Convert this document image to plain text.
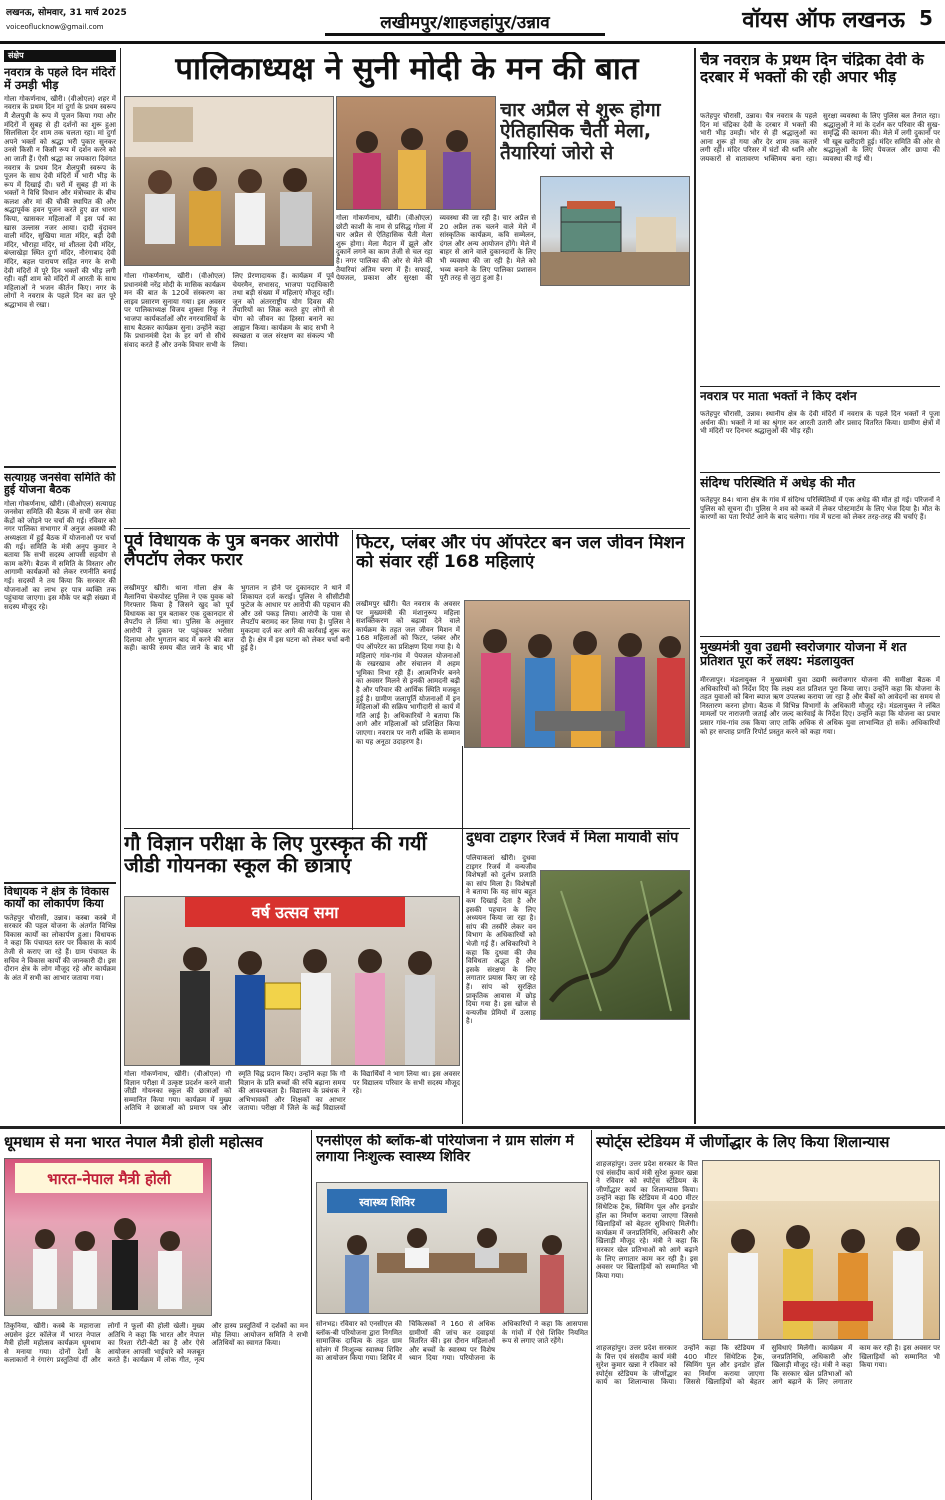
लखनऊ, सोमवार, 31 मार्च 2025
voiceoflucknow@gmail.com	लखीमपुर/शाहजहांपुर/उन्नाव	वॉयस ऑफ लखनऊ 5
संक्षेप
नवरात्र के पहले दिन मंदिरों में उमड़ी भीड़
गोला गोकर्णनाथ, खीरी। (वीओएल) शहर में नवरात्र के प्रथम दिन मां दुर्गा के प्रथम स्वरूप मैं शैलपुत्री के रूप में पूजन किया गया और मंदिरों में सुबह से ही दर्शनों का शुरू हुआ सिलसिला देर शाम तक चलता रहा। मां दुर्गा अपने भक्तों को श्रद्धा भरी पुकार सुनकर उनसे किसी न किसी रूप में दर्शन करने को आ जाती हैं। ऐसी श्रद्धा का जयकारा दिवंगत नवरात्र के प्रथम दिन शैलपुत्री स्वरूप के पूजन के साथ देवी मंदिरों में भारी भीड़ के रूप में दिखाई दी। घरों में सुबह ही मां के भक्तों ने विधि विधान और मंत्रोच्चार के बीच कलश और मां की चौकी स्थापित की और श्रद्धापूर्वक हवन पूजन करते हुए व्रत धारण किया, खासकर महिलाओं में इस पर्व का खास उल्लास नजर आया। दादी वृंदावन वाली मंदिर, सुखिया माता मंदिर, बड़ी देवी मंदिर, भौराहा मंदिर, मां शीतला देवी मंदिर, बंग्लाखेड़ा स्थित दुर्गा मंदिर, नौरंगाबाद देवी मंदिर, बहल पारायण सहित नगर के सभी देवी मंदिरों में पूरे दिन भक्तों की भीड़ लगी रही। वहीं शाम को मंदिरों में आरती के साथ महिलाओं ने भजन कीर्तन किए। नगर के लोगों ने नवरात्र के पहले दिन का व्रत पूरे श्रद्धाभाव से रखा।
सत्याग्रह जनसेवा समिति की हुई योजना बैठक
गोला गोकर्णनाथ, खीरी। (वीओएल) सत्याग्रह जनसेवा समिति की बैठक में सभी जन सेवा केंद्रों को जोड़ने पर चर्चा की गई। रविवार को नगर पालिका सभागार में अनुज अवस्थी की अध्यक्षता में हुई बैठक में योजनाओं पर चर्चा की गई। समिति के मंत्री अनुप कुमार ने बताया कि सभी सदस्य आपसी सहयोग से काम करेंगे। बैठक में समिति के विस्तार और आगामी कार्यक्रमों को लेकर रणनीति बनाई गई। सदस्यों ने तय किया कि सरकार की योजनाओं का लाभ हर पात्र व्यक्ति तक पहुंचाया जाएगा। इस मौके पर बड़ी संख्या में सदस्य मौजूद रहे।
विधायक ने क्षेत्र के विकास कार्यों का लोकार्पण किया
फतेहपुर चौरासी, उन्नाव। कस्बा कस्बे में सरकार की पहल योजना के अंतर्गत विभिन्न विकास कार्यों का लोकार्पण हुआ। विधायक ने कहा कि पंचायत स्तर पर विकास के कार्य तेजी से कराए जा रहे हैं। ग्राम पंचायत के सचिव ने विकास कार्यों की जानकारी दी। इस दौरान क्षेत्र के लोग मौजूद रहे और कार्यक्रम के अंत में सभी का आभार जताया गया।
पालिकाध्यक्ष ने सुनी मोदी के मन की बात
चार अप्रैल से शुरू होगा ऐतिहासिक चैती मेला, तैयारियां जोरो से
गोला गोकर्णनाथ, खीरी। (वीओएल) प्रधानमंत्री नरेंद्र मोदी के मासिक कार्यक्रम मन की बात के 120वें संस्करण का लाइव प्रसारण सुनाया गया। इस अवसर पर पालिकाध्यक्ष विजय शुक्ला रिंकू ने भाजपा कार्यकर्ताओं और नगरवासियों के साथ बैठकर कार्यक्रम सुना। उन्होंने कहा कि प्रधानमंत्री देश के हर वर्ग से सीधे संवाद करते हैं और उनके विचार सभी के लिए प्रेरणादायक हैं। कार्यक्रम में पूर्व चेयरमैन, सभासद, भाजपा पदाधिकारी तथा बड़ी संख्या में महिलाएं मौजूद रहीं। जून को अंतरराष्ट्रीय योग दिवस की तैयारियों का जिक्र करते हुए लोगों से योग को जीवन का हिस्सा बनाने का आह्वान किया। कार्यक्रम के बाद सभी ने स्वच्छता व जल संरक्षण का संकल्प भी लिया।
गोला गोकर्णनाथ, खीरी। (वीओएल) छोटी काशी के नाम से प्रसिद्ध गोला में चार अप्रैल से ऐतिहासिक चैती मेला शुरू होगा। मेला मैदान में झूले और दुकानें लगने का काम तेजी से चल रहा है। नगर पालिका की ओर से मेले की तैयारियां अंतिम चरण में हैं। सफाई, पेयजल, प्रकाश और सुरक्षा की व्यवस्था की जा रही है। चार अप्रैल से 20 अप्रैल तक चलने वाले मेले में सांस्कृतिक कार्यक्रम, कवि सम्मेलन, दंगल और अन्य आयोजन होंगे। मेले में बाहर से आने वाले दुकानदारों के लिए भी व्यवस्था की जा रही है। मेले को भव्य बनाने के लिए पालिका प्रशासन पूरी तरह से जुटा हुआ है।
पूर्व विधायक के पुत्र बनकर आरोपी लैपटॉप लेकर फरार
लखीमपुर खीरी। थाना गोला क्षेत्र के मैलानिया चेकपोस्ट पुलिस ने एक युवक को गिरफ्तार किया है जिसने खुद को पूर्व विधायक का पुत्र बताकर एक दुकानदार से लैपटॉप ले लिया था। पुलिस के अनुसार आरोपी ने दुकान पर पहुंचकर भरोसा दिलाया और भुगतान बाद में करने की बात कही। काफी समय बीत जाने के बाद भी भुगतान न होने पर दुकानदार ने थाने में शिकायत दर्ज कराई। पुलिस ने सीसीटीवी फुटेज के आधार पर आरोपी की पहचान की और उसे पकड़ लिया। आरोपी के पास से लैपटॉप बरामद कर लिया गया है। पुलिस ने मुकदमा दर्ज कर आगे की कार्रवाई शुरू कर दी है। क्षेत्र में इस घटना को लेकर चर्चा बनी हुई है।
फिटर, प्लंबर और पंप ऑपरेटर बन जल जीवन मिशन को संवार रहीं 168 महिलाएं
लखीमपुर खीरी। चैत नवरात्र के अवसर पर मुख्यमंत्री की मंशानुरूप महिला सशक्तिकरण को बढ़ावा देने वाले कार्यक्रम के तहत जल जीवन मिशन में 168 महिलाओं को फिटर, प्लंबर और पंप ऑपरेटर का प्रशिक्षण दिया गया है। ये महिलाएं गांव-गांव में पेयजल योजनाओं के रखरखाव और संचालन में अहम भूमिका निभा रही हैं। आत्मनिर्भर बनने का अवसर मिलने से इनकी आमदनी बढ़ी है और परिवार की आर्थिक स्थिति मजबूत हुई है। ग्रामीण जलापूर्ति योजनाओं में इन महिलाओं की सक्रिय भागीदारी से कार्य में गति आई है। अधिकारियों ने बताया कि आगे और महिलाओं को प्रशिक्षित किया जाएगा। नवरात्र पर नारी शक्ति के सम्मान का यह अनूठा उदाहरण है।
गौ विज्ञान परीक्षा के लिए पुरस्कृत की गयीं जीडी गोयनका स्कूल की छात्राएं
वर्ष उत्सव समा
गोला गोकर्णनाथ, खीरी। (वीओएल) गौ विज्ञान परीक्षा में उत्कृष्ट प्रदर्शन करने वाली जीडी गोयनका स्कूल की छात्राओं को सम्मानित किया गया। कार्यक्रम में मुख्य अतिथि ने छात्राओं को प्रमाण पत्र और स्मृति चिह्न प्रदान किए। उन्होंने कहा कि गौ विज्ञान के प्रति बच्चों की रुचि बढ़ाना समय की आवश्यकता है। विद्यालय के प्रबंधक ने अभिभावकों और शिक्षकों का आभार जताया। परीक्षा में जिले के कई विद्यालयों के विद्यार्थियों ने भाग लिया था। इस अवसर पर विद्यालय परिवार के सभी सदस्य मौजूद रहे।
दुधवा टाइगर रिजर्व में मिला मायावी सांप
पलियाकलां खीरी। दुधवा टाइगर रिजर्व में वन्यजीव विशेषज्ञों को दुर्लभ प्रजाति का सांप मिला है। विशेषज्ञों ने बताया कि यह सांप बहुत कम दिखाई देता है और इसकी पहचान के लिए अध्ययन किया जा रहा है। सांप की तस्वीरें लेकर वन विभाग के अधिकारियों को भेजी गई हैं। अधिकारियों ने कहा कि दुधवा की जैव विविधता अद्भुत है और इसके संरक्षण के लिए लगातार प्रयास किए जा रहे हैं। सांप को सुरक्षित प्राकृतिक आवास में छोड़ दिया गया है। इस खोज से वन्यजीव प्रेमियों में उत्साह है।
चैत्र नवरात्र के प्रथम दिन चंद्रिका देवी के दरबार में भक्तों की रही अपार भीड़
फतेहपुर चौरासी, उन्नाव। चैत्र नवरात्र के पहले दिन मां चंद्रिका देवी के दरबार में भक्तों की भारी भीड़ उमड़ी। भोर से ही श्रद्धालुओं का आना शुरू हो गया और देर शाम तक कतारें लगी रहीं। मंदिर परिसर में घंटों की ध्वनि और जयकारों से वातावरण भक्तिमय बना रहा। सुरक्षा व्यवस्था के लिए पुलिस बल तैनात रहा। श्रद्धालुओं ने मां के दर्शन कर परिवार की सुख-समृद्धि की कामना की। मेले में लगी दुकानों पर भी खूब खरीदारी हुई। मंदिर समिति की ओर से श्रद्धालुओं के लिए पेयजल और छाया की व्यवस्था की गई थी।
नवरात्र पर माता भक्तों ने किए दर्शन
फतेहपुर चौरासी, उन्नाव। स्थानीय क्षेत्र के देवी मंदिरों में नवरात्र के पहले दिन भक्तों ने पूजा अर्चना की। भक्तों ने मां का श्रृंगार कर आरती उतारी और प्रसाद वितरित किया। ग्रामीण क्षेत्रों में भी मंदिरों पर दिनभर श्रद्धालुओं की भीड़ रही।
संदिग्ध परिस्थिति में अधेड़ की मौत
फतेहपुर 84। थाना क्षेत्र के गांव में संदिग्ध परिस्थितियों में एक अधेड़ की मौत हो गई। परिजनों ने पुलिस को सूचना दी। पुलिस ने शव को कब्जे में लेकर पोस्टमार्टम के लिए भेज दिया है। मौत के कारणों का पता रिपोर्ट आने के बाद चलेगा। गांव में घटना को लेकर तरह-तरह की चर्चाएं हैं।
मुख्यमंत्री युवा उद्यमी स्वरोजगार योजना में शत प्रतिशत पूरा करें लक्ष्य: मंडलायुक्त
मीरजापुर। मंडलायुक्त ने मुख्यमंत्री युवा उद्यमी स्वरोजगार योजना की समीक्षा बैठक में अधिकारियों को निर्देश दिए कि लक्ष्य शत प्रतिशत पूरा किया जाए। उन्होंने कहा कि योजना के तहत युवाओं को बिना ब्याज ऋण उपलब्ध कराया जा रहा है और बैंकों को आवेदनों का समय से निस्तारण करना होगा। बैठक में विभिन्न विभागों के अधिकारी मौजूद रहे। मंडलायुक्त ने लंबित मामलों पर नाराजगी जताई और जल्द कार्रवाई के निर्देश दिए। उन्होंने कहा कि योजना का प्रचार प्रसार गांव-गांव तक किया जाए ताकि अधिक से अधिक युवा लाभान्वित हो सकें। अधिकारियों को हर सप्ताह प्रगति रिपोर्ट प्रस्तुत करने को कहा गया।
धूमधाम से मना भारत नेपाल मैत्री होली महोत्सव
भारत-नेपाल मैत्री होली
तिकुनिया, खीरी। कस्बे के महाराजा अग्रसेन इंटर कॉलेज में भारत नेपाल मैत्री होली महोत्सव कार्यक्रम धूमधाम से मनाया गया। दोनों देशों के कलाकारों ने रंगारंग प्रस्तुतियां दीं और लोगों ने फूलों की होली खेली। मुख्य अतिथि ने कहा कि भारत और नेपाल का रिश्ता रोटी-बेटी का है और ऐसे आयोजन आपसी भाईचारे को मजबूत करते हैं। कार्यक्रम में लोक गीत, नृत्य और हास्य प्रस्तुतियों ने दर्शकों का मन मोह लिया। आयोजन समिति ने सभी अतिथियों का स्वागत किया।
एनसीएल की ब्लॉक-बी परियोजना ने ग्राम सोलंग में लगाया निःशुल्क स्वास्थ्य शिविर
स्वास्थ्य शिविर
सोनभद्र। रविवार को एनसीएल की ब्लॉक-बी परियोजना द्वारा निगमित सामाजिक दायित्व के तहत ग्राम सोलंग में निःशुल्क स्वास्थ्य शिविर का आयोजन किया गया। शिविर में चिकित्सकों ने 160 से अधिक ग्रामीणों की जांच कर दवाइयां वितरित कीं। इस दौरान महिलाओं और बच्चों के स्वास्थ्य पर विशेष ध्यान दिया गया। परियोजना के अधिकारियों ने कहा कि आसपास के गांवों में ऐसे शिविर नियमित रूप से लगाए जाते रहेंगे।
स्पोर्ट्स स्टेडियम में जीर्णोद्धार के लिए किया शिलान्यास
शाहजहांपुर। उत्तर प्रदेश सरकार के वित्त एवं संसदीय कार्य मंत्री सुरेश कुमार खन्ना ने रविवार को स्पोर्ट्स स्टेडियम के जीर्णोद्धार कार्य का शिलान्यास किया। उन्होंने कहा कि स्टेडियम में 400 मीटर सिंथेटिक ट्रैक, स्विमिंग पूल और इनडोर हॉल का निर्माण कराया जाएगा जिससे खिलाड़ियों को बेहतर सुविधाएं मिलेंगी। कार्यक्रम में जनप्रतिनिधि, अधिकारी और खिलाड़ी मौजूद रहे। मंत्री ने कहा कि सरकार खेल प्रतिभाओं को आगे बढ़ाने के लिए लगातार काम कर रही है। इस अवसर पर खिलाड़ियों को सम्मानित भी किया गया।
शाहजहांपुर। उत्तर प्रदेश सरकार के वित्त एवं संसदीय कार्य मंत्री सुरेश कुमार खन्ना ने रविवार को स्पोर्ट्स स्टेडियम के जीर्णोद्धार कार्य का शिलान्यास किया। उन्होंने कहा कि स्टेडियम में 400 मीटर सिंथेटिक ट्रैक, स्विमिंग पूल और इनडोर हॉल का निर्माण कराया जाएगा जिससे खिलाड़ियों को बेहतर सुविधाएं मिलेंगी। कार्यक्रम में जनप्रतिनिधि, अधिकारी और खिलाड़ी मौजूद रहे। मंत्री ने कहा कि सरकार खेल प्रतिभाओं को आगे बढ़ाने के लिए लगातार काम कर रही है। इस अवसर पर खिलाड़ियों को सम्मानित भी किया गया।
